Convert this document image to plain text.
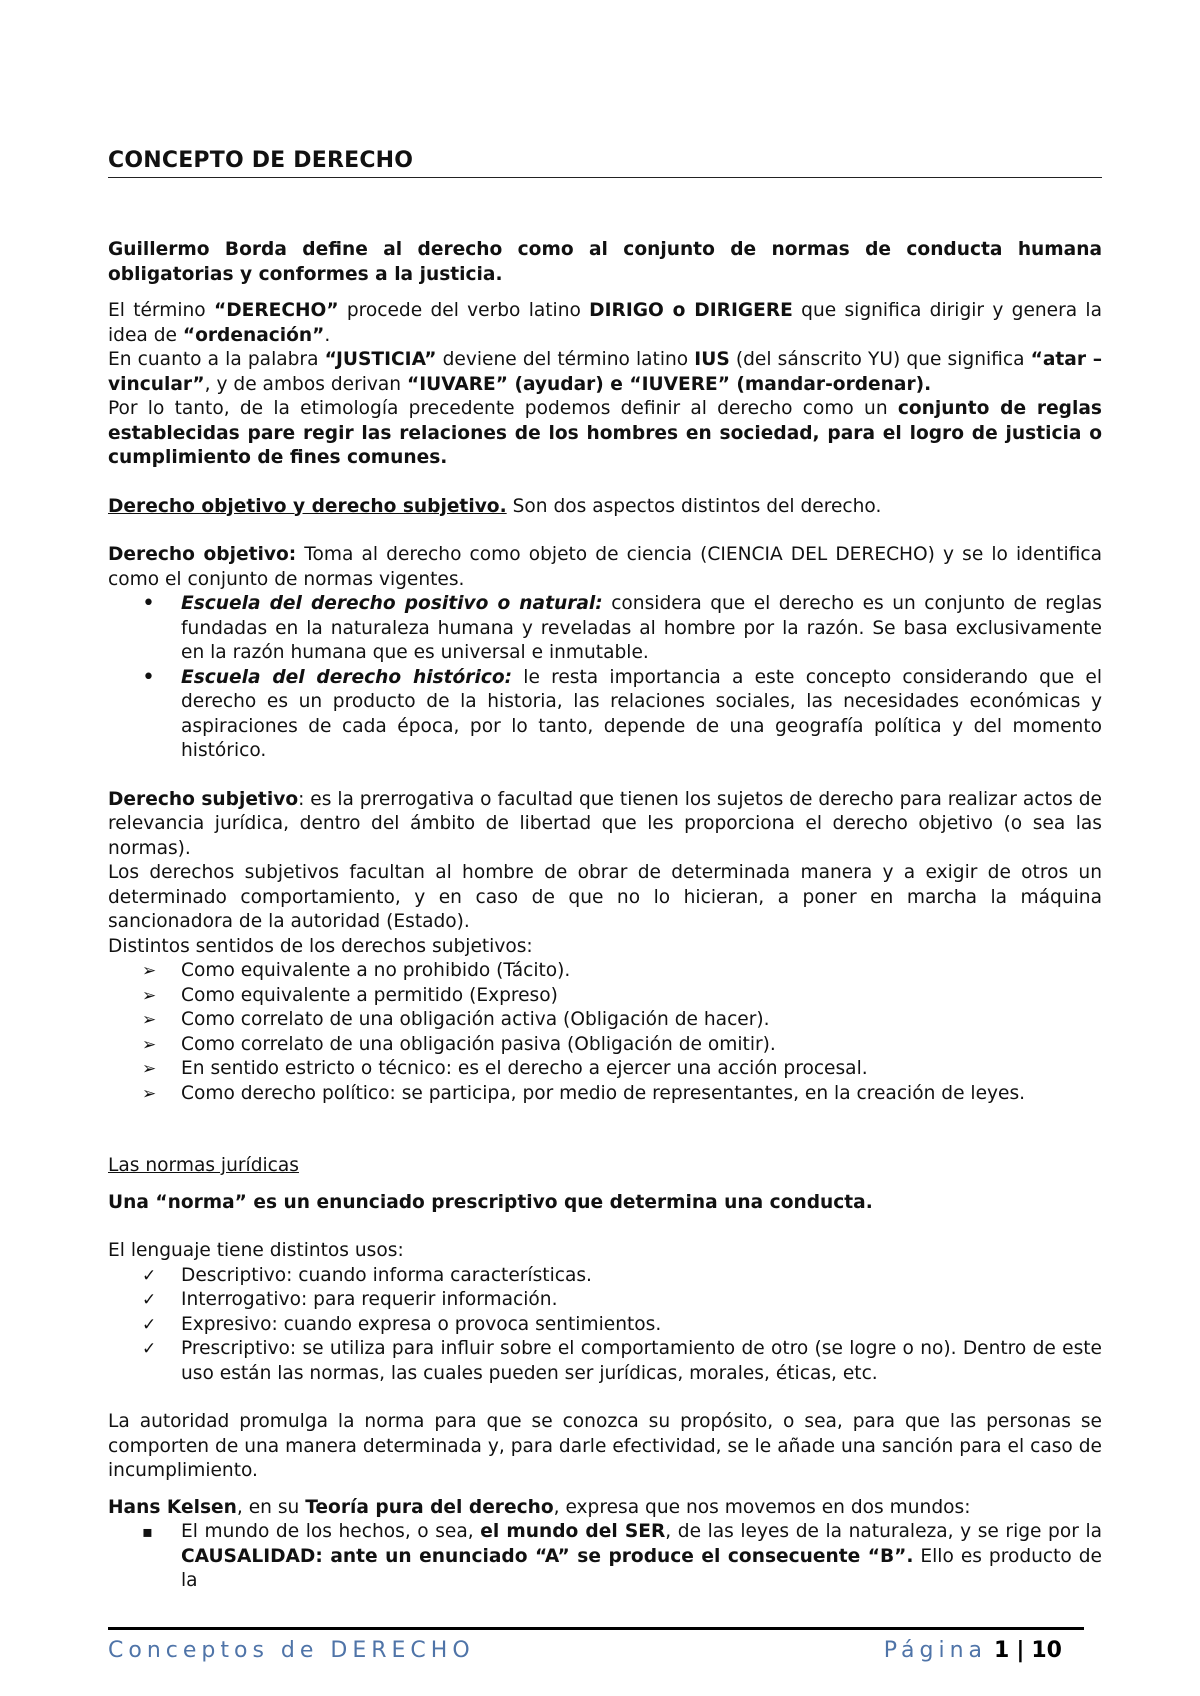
CONCEPTO DE DERECHO

Guillermo Borda define al derecho como al conjunto de normas de conducta humana obligatorias y conformes a la justicia.

El término “DERECHO” procede del verbo latino DIRIGO o DIRIGERE que significa dirigir y genera la idea de “ordenación”.

En cuanto a la palabra “JUSTICIA” deviene del término latino IUS (del sánscrito YU) que significa “atar – vincular”, y de ambos derivan “IUVARE” (ayudar) e “IUVERE” (mandar-ordenar).

Por lo tanto, de la etimología precedente podemos definir al derecho como un conjunto de reglas establecidas pare regir las relaciones de los hombres en sociedad, para el logro de justicia o cumplimiento de fines comunes.

Derecho objetivo y derecho subjetivo. Son dos aspectos distintos del derecho.

Derecho objetivo: Toma al derecho como objeto de ciencia (CIENCIA DEL DERECHO) y se lo identifica como el conjunto de normas vigentes.

•
Escuela del derecho positivo o natural: considera que el derecho es un conjunto de reglas fundadas en la naturaleza humana y reveladas al hombre por la razón. Se basa exclusivamente en la razón humana que es universal e inmutable.
•
Escuela del derecho histórico: le resta importancia a este concepto considerando que el derecho es un producto de la historia, las relaciones sociales, las necesidades económicas y aspiraciones de cada época, por lo tanto, depende de una geografía política y del momento histórico.

Derecho subjetivo: es la prerrogativa o facultad que tienen los sujetos de derecho para realizar actos de relevancia jurídica, dentro del ámbito de libertad que les proporciona el derecho objetivo (o sea las normas).

Los derechos subjetivos facultan al hombre de obrar de determinada manera y a exigir de otros un determinado comportamiento, y en caso de que no lo hicieran, a poner en marcha la máquina sancionadora de la autoridad (Estado).

Distintos sentidos de los derechos subjetivos:

➢
Como equivalente a no prohibido (Tácito).
➢
Como equivalente a permitido (Expreso)
➢
Como correlato de una obligación activa (Obligación de hacer).
➢
Como correlato de una obligación pasiva (Obligación de omitir).
➢
En sentido estricto o técnico: es el derecho a ejercer una acción procesal.
➢
Como derecho político: se participa, por medio de representantes, en la creación de leyes.

Las normas jurídicas

Una “norma” es un enunciado prescriptivo que determina una conducta.

El lenguaje tiene distintos usos:

✓
Descriptivo: cuando informa características.
✓
Interrogativo: para requerir información.
✓
Expresivo: cuando expresa o provoca sentimientos.
✓
Prescriptivo: se utiliza para influir sobre el comportamiento de otro (se logre o no). Dentro de este uso están las normas, las cuales pueden ser jurídicas, morales, éticas, etc.

La autoridad promulga la norma para que se conozca su propósito, o sea, para que las personas se comporten de una manera determinada y, para darle efectividad, se le añade una sanción para el caso de incumplimiento.

Hans Kelsen, en su Teoría pura del derecho, expresa que nos movemos en dos mundos:

▪
El mundo de los hechos, o sea, el mundo del SER, de las leyes de la naturaleza, y se rige por la CAUSALIDAD: ante un enunciado “A” se produce el consecuente “B”. Ello es producto de la
Conceptos de DERECHO	Página 1 | 10
